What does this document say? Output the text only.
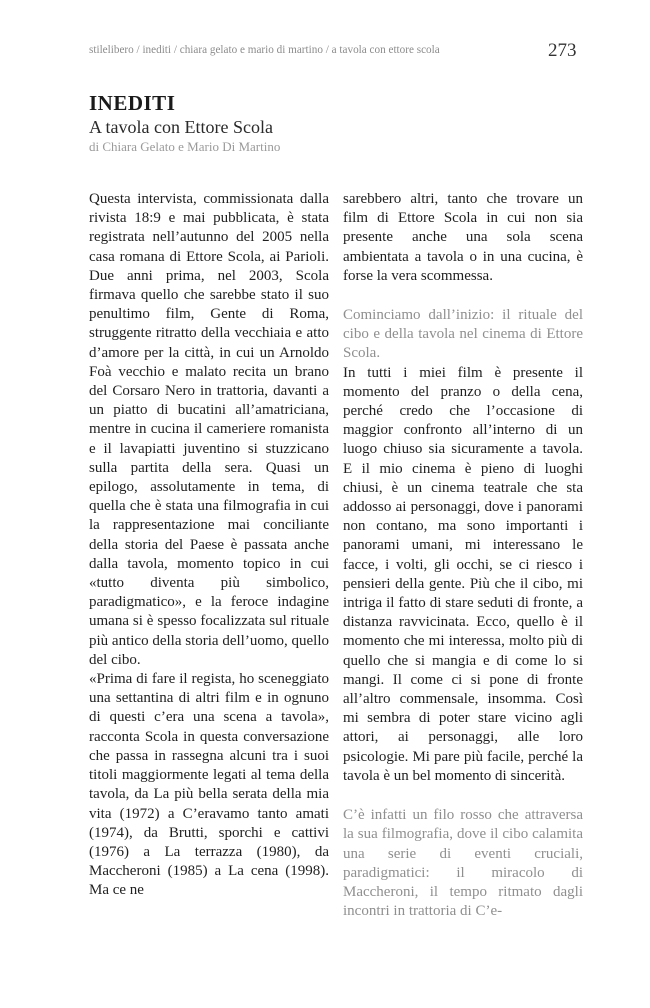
stilelibero / inediti / chiara gelato e mario di martino / a tavola con ettore scola	273
INEDITI
A tavola con Ettore Scola
di Chiara Gelato e Mario Di Martino

Questa intervista, commissionata dalla rivista 18:9 e mai pubblicata, è stata registrata nell’autunno del 2005 nella casa romana di Ettore Scola, ai Parioli. Due anni prima, nel 2003, Scola firmava quello che sarebbe stato il suo penultimo film, Gente di Roma, struggente ritratto della vecchiaia e atto d’amore per la città, in cui un Arnoldo Foà vecchio e malato recita un brano del Corsaro Nero in trattoria, davanti a un piatto di bucatini all’amatriciana, mentre in cucina il cameriere romanista e il lavapiatti juventino si stuzzicano sulla partita della sera. Quasi un epilogo, assolutamente in tema, di quella che è stata una filmografia in cui la rappresentazione mai conciliante della storia del Paese è passata anche dalla tavola, momento topico in cui «tutto diventa più simbolico, paradigmatico», e la feroce indagine umana si è spesso focalizzata sul rituale più antico della storia dell’uomo, quello del cibo.

«Prima di fare il regista, ho sceneggiato una settantina di altri film e in ognuno di questi c’era una scena a tavola», racconta Scola in questa conversazione che passa in rassegna alcuni tra i suoi titoli maggiormente legati al tema della tavola, da La più bella serata della mia vita (1972) a C’eravamo tanto amati (1974), da Brutti, sporchi e cattivi (1976) a La terrazza (1980), da Maccheroni (1985) a La cena (1998). Ma ce ne

sarebbero altri, tanto che trovare un film di Ettore Scola in cui non sia presente anche una sola scena ambientata a tavola o in una cucina, è forse la vera scommessa.

Cominciamo dall’inizio: il rituale del cibo e della tavola nel cinema di Ettore Scola.

In tutti i miei film è presente il momento del pranzo o della cena, perché credo che l’occasione di maggior confronto all’interno di un luogo chiuso sia sicuramente a tavola. E il mio cinema è pieno di luoghi chiusi, è un cinema teatrale che sta addosso ai personaggi, dove i panorami non contano, ma sono importanti i panorami umani, mi interessano le facce, i volti, gli occhi, se ci riesco i pensieri della gente. Più che il cibo, mi intriga il fatto di stare seduti di fronte, a distanza ravvicinata. Ecco, quello è il momento che mi interessa, molto più di quello che si mangia e di come lo si mangi. Il come ci si pone di fronte all’altro commensale, insomma. Così mi sembra di poter stare vicino agli attori, ai personaggi, alle loro psicologie. Mi pare più facile, perché la tavola è un bel momento di sincerità.

C’è infatti un filo rosso che attraversa la sua filmografia, dove il cibo calamita una serie di eventi cruciali, paradigmatici: il miracolo di Maccheroni, il tempo ritmato dagli incontri in trattoria di C’e-
